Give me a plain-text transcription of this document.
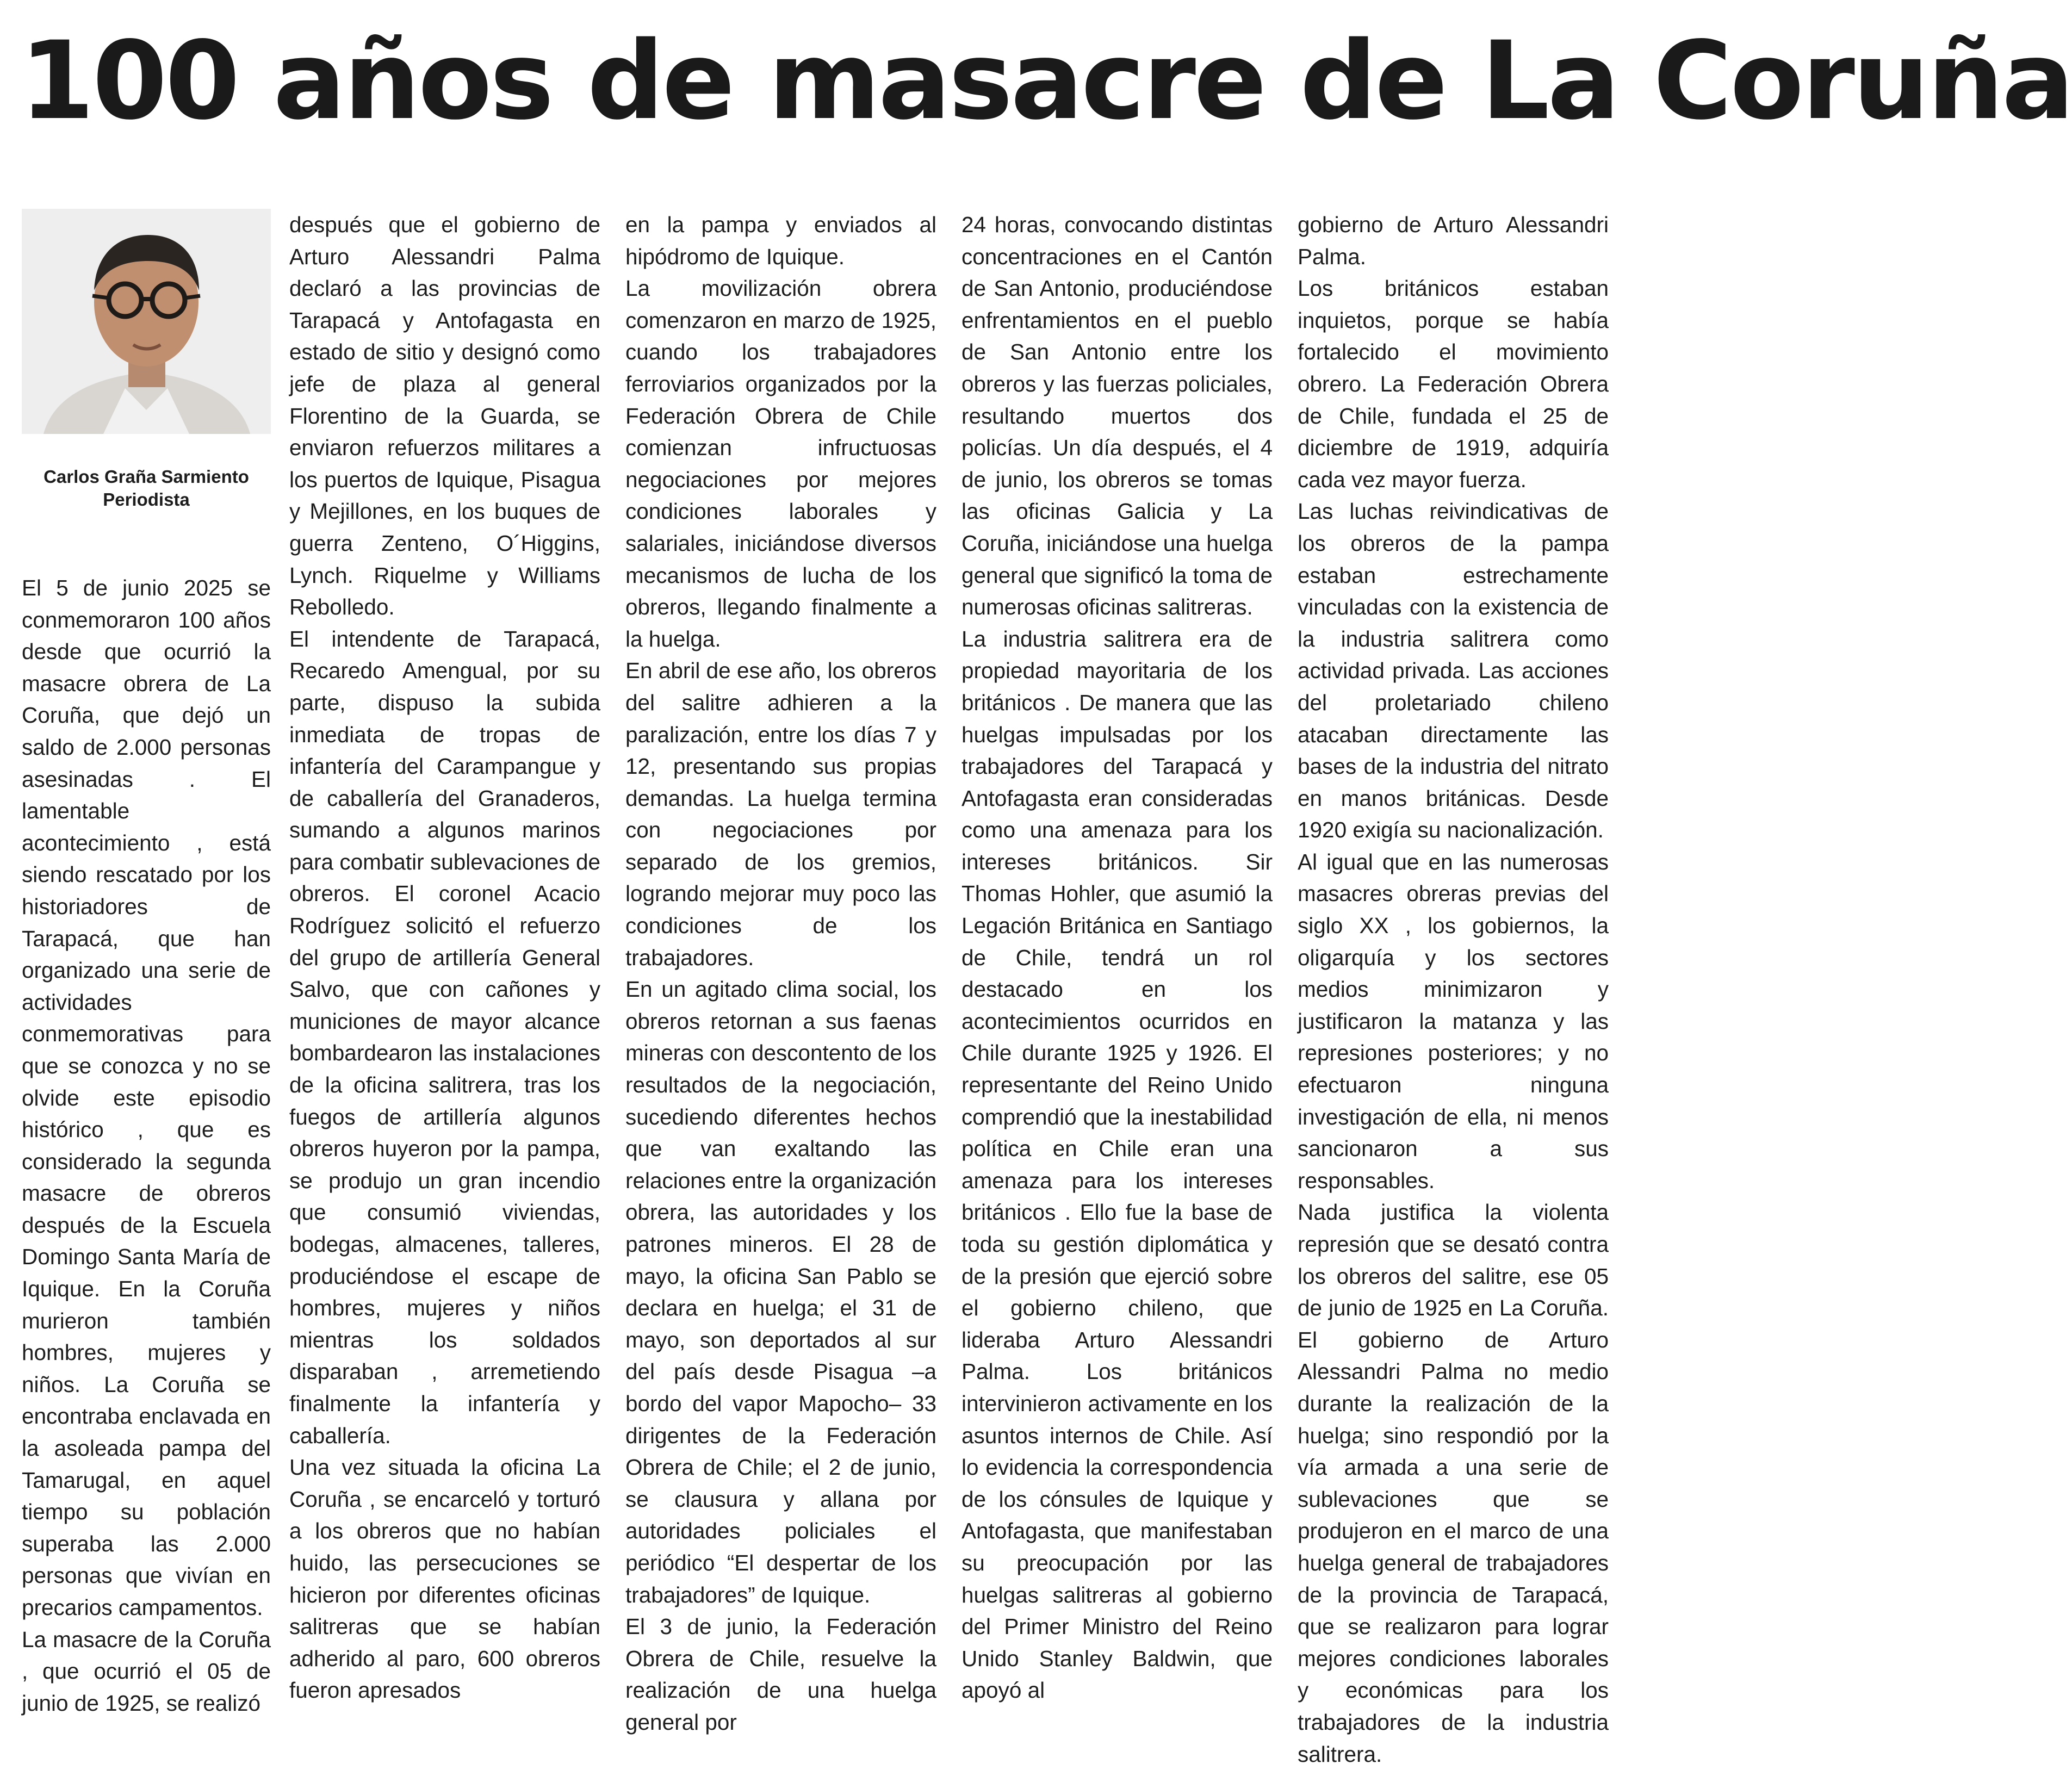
100 años de masacre de La Coruña
Carlos Graña Sarmiento
Periodista

El 5 de junio 2025 se conmemoraron 100 años desde que ocurrió la masacre obrera de La Coruña, que dejó un saldo de 2.000 personas asesinadas . El lamentable acontecimiento , está siendo rescatado por los historiadores de Tarapacá, que han organizado una serie de actividades conmemorativas para que se conozca y no se olvide este episodio histórico , que es considerado la segunda masacre de obreros después de la Escuela Domingo Santa María de Iquique. En la Coruña murieron también hombres, mujeres y niños. La Coruña se encontraba enclavada en la asoleada pampa del Tamarugal, en aquel tiempo su población superaba las 2.000 personas que vivían en precarios campamentos.

La masacre de la Coruña , que ocurrió el 05 de junio de 1925, se realizó

después que el gobierno de Arturo Alessandri Palma declaró a las provincias de Tarapacá y Antofagasta en estado de sitio y designó como jefe de plaza al general Florentino de la Guarda, se enviaron refuerzos militares a los puertos de Iquique, Pisagua y Mejillones, en los buques de guerra Zenteno, O´Higgins, Lynch. Riquelme y Williams Rebolledo.

El intendente de Tarapacá, Recaredo Amengual, por su parte, dispuso la subida inmediata de tropas de infantería del Carampangue y de caballería del Granaderos, sumando a algunos marinos para combatir sublevaciones de obreros. El coronel Acacio Rodríguez solicitó el refuerzo del grupo de artillería General Salvo, que con cañones y municiones de mayor alcance bombardearon las instalaciones de la oficina salitrera, tras los fuegos de artillería algunos obreros huyeron por la pampa, se produjo un gran incendio que consumió viviendas, bodegas, almacenes, talleres, produciéndose el escape de hombres, mujeres y niños mientras los soldados disparaban , arremetiendo finalmente la infantería y caballería.

Una vez situada la oficina La Coruña , se encarceló y torturó a los obreros que no habían huido, las persecuciones se hicieron por diferentes oficinas salitreras que se habían adherido al paro, 600 obreros fueron apresados

en la pampa y enviados al hipódromo de Iquique.

La movilización obrera comenzaron en marzo de 1925, cuando los trabajadores ferroviarios organizados por la Federación Obrera de Chile comienzan infructuosas negociaciones por mejores condiciones laborales y salariales, iniciándose diversos mecanismos de lucha de los obreros, llegando finalmente a la huelga.

En abril de ese año, los obreros del salitre adhieren a la paralización, entre los días 7 y 12, presentando sus propias demandas. La huelga termina con negociaciones por separado de los gremios, logrando mejorar muy poco las condiciones de los trabajadores.

En un agitado clima social, los obreros retornan a sus faenas mineras con descontento de los resultados de la negociación, sucediendo diferentes hechos que van exaltando las relaciones entre la organización obrera, las autoridades y los patrones mineros. El 28 de mayo, la oficina San Pablo se declara en huelga; el 31 de mayo, son deportados al sur del país desde Pisagua –a bordo del vapor Mapocho– 33 dirigentes de la Federación Obrera de Chile; el 2 de junio, se clausura y allana por autoridades policiales el periódico “El despertar de los trabajadores” de Iquique.

El 3 de junio, la Federación Obrera de Chile, resuelve la realización de una huelga general por

24 horas, convocando distintas concentraciones en el Cantón de San Antonio, produciéndose enfrentamientos en el pueblo de San Antonio entre los obreros y las fuerzas policiales, resultando muertos dos policías. Un día después, el 4 de junio, los obreros se tomas las oficinas Galicia y La Coruña, iniciándose una huelga general que significó la toma de numerosas oficinas salitreras.

La industria salitrera era de propiedad mayoritaria de los británicos . De manera que las huelgas impulsadas por los trabajadores del Tarapacá y Antofagasta eran consideradas como una amenaza para los intereses británicos. Sir Thomas Hohler, que asumió la Legación Británica en Santiago de Chile, tendrá un rol destacado en los acontecimientos ocurridos en Chile durante 1925 y 1926. El representante del Reino Unido comprendió que la inestabilidad política en Chile eran una amenaza para los intereses británicos . Ello fue la base de toda su gestión diplomática y de la presión que ejerció sobre el gobierno chileno, que lideraba Arturo Alessandri Palma. Los británicos intervinieron activamente en los asuntos internos de Chile. Así lo evidencia la correspondencia de los cónsules de Iquique y Antofagasta, que manifestaban su preocupación por las huelgas salitreras al gobierno del Primer Ministro del Reino Unido Stanley Baldwin, que apoyó al

gobierno de Arturo Alessandri Palma.

Los británicos estaban inquietos, porque se había fortalecido el movimiento obrero. La Federación Obrera de Chile, fundada el 25 de diciembre de 1919, adquiría cada vez mayor fuerza.

Las luchas reivindicativas de los obreros de la pampa estaban estrechamente vinculadas con la existencia de la industria salitrera como actividad privada. Las acciones del proletariado chileno atacaban directamente las bases de la industria del nitrato en manos británicas. Desde 1920 exigía su nacionalización.

Al igual que en las numerosas masacres obreras previas del siglo XX , los gobiernos, la oligarquía y los sectores medios minimizaron y justificaron la matanza y las represiones posteriores; y no efectuaron ninguna investigación de ella, ni menos sancionaron a sus responsables.

Nada justifica la violenta represión que se desató contra los obreros del salitre, ese 05 de junio de 1925 en La Coruña. El gobierno de Arturo Alessandri Palma no medio durante la realización de la huelga; sino respondió por la vía armada a una serie de sublevaciones que se produjeron en el marco de una huelga general de trabajadores de la provincia de Tarapacá, que se realizaron para lograr mejores condiciones laborales y económicas para los trabajadores de la industria salitrera.
